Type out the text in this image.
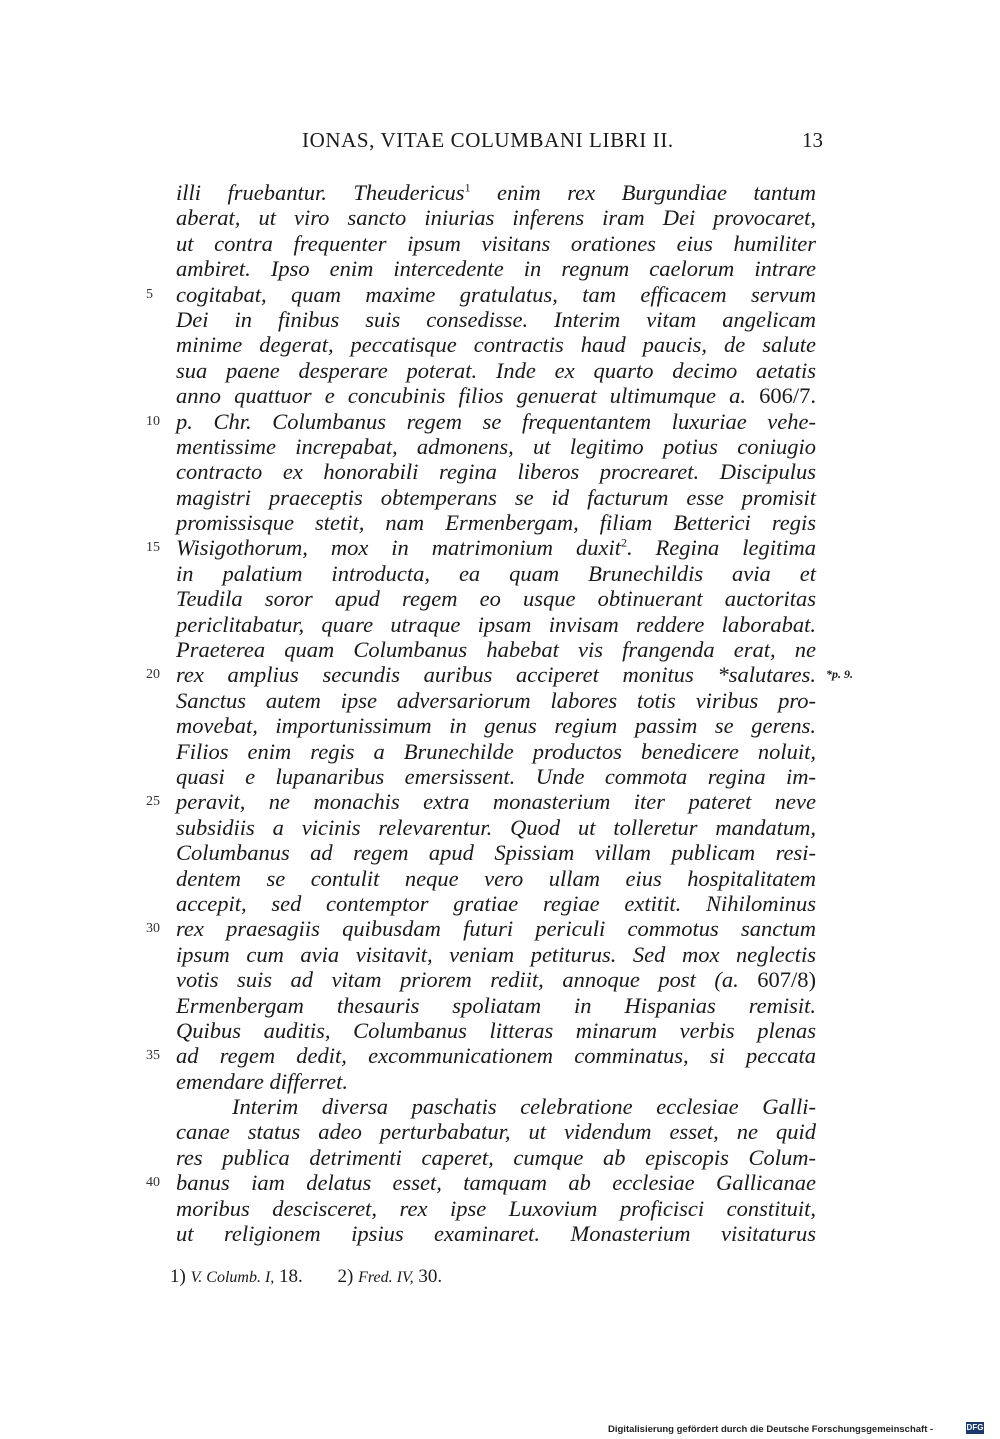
IONAS, VITAE COLUMBANI LIBRI II.	13
illi fruebantur. Theudericus$^1$ enim rex Burgundiae tantum
aberat, ut viro sancto iniurias inferens iram Dei provocaret,
ut contra frequenter ipsum visitans orationes eius humiliter
ambiret. Ipso enim intercedente in regnum caelorum intrare
5	cogitabat, quam maxime gratulatus, tam efficacem servum
Dei in finibus suis consedisse. Interim vitam angelicam
minime degerat, peccatisque contractis haud paucis, de salute
sua paene desperare poterat. Inde ex quarto decimo aetatis
anno quattuor e concubinis filios genuerat ultimumque a. 606/7.
10 p. Chr. Columbanus regem se frequentantem luxuriae vehe-
mentissime increpabat, admonens, ut legitimo potius coniugio
contracto ex honorabili regina liberos procrearet. Discipulus
magistri praeceptis obtemperans se id facturum esse promisit
promissisque stetit, nam Ermenbergam, filiam Betterici regis
15 Wisigothorum, mox in matrimonium duxit$^2$. Regina legitima
in palatium introducta, ea quam Brunechildis avia et
Teudila soror apud regem eo usque obtinuerant auctoritas
periclitabatur, quare utraque ipsam invisam reddere laborabat.
Praeterea quam Columbanus habebat vis frangenda erat, ne
20 rex amplius secundis auribus acciperet monitus *salutares. *p. 9.
Sanctus autem ipse adversariorum labores totis viribus pro-
movebat, importunissimum in genus regium passim se gerens.
Filios enim regis a Brunechilde productos benedicere noluit,
quasi e lupanaribus emersissent. Unde commota regina im-
25 peravit, ne monachis extra monasterium iter pateret neve
subsidiis a vicinis relevarentur. Quod ut tolleretur mandatum,
Columbanus ad regem apud Spissiam villam publicam resi-
dentem se contulit neque vero ullam eius hospitalitatem
accepit, sed contemptor gratiae regiae extitit. Nihilominus
30 rex praesagiis quibusdam futuri periculi commotus sanctum
ipsum cum avia visitavit, veniam petiturus. Sed mox neglectis
votis suis ad vitam priorem rediit, annoque post (a. 607/8)
Ermenbergam thesauris spoliatam in Hispanias remisit.
Quibus auditis, Columbanus litteras minarum verbis plenas
35 ad regem dedit, excommunicationem comminatus, si peccata
emendare differret.
Interim diversa paschatis celebratione ecclesiae Galli-
canae status adeo perturbabatur, ut videndum esset, ne quid
res publica detrimenti caperet, cumque ab episcopis Colum-
40 banus iam delatus esset, tamquam ab ecclesiae Gallicanae
moribus descisceret, rex ipse Luxovium proficisci constituit,
ut religionem ipsius examinaret. Monasterium visitaturus
1) V. Columb. I, 18. 2) Fred. IV, 30.
Digitalisierung gefördert durch die Deutsche Forschungsgemeinschaft -	DFG
